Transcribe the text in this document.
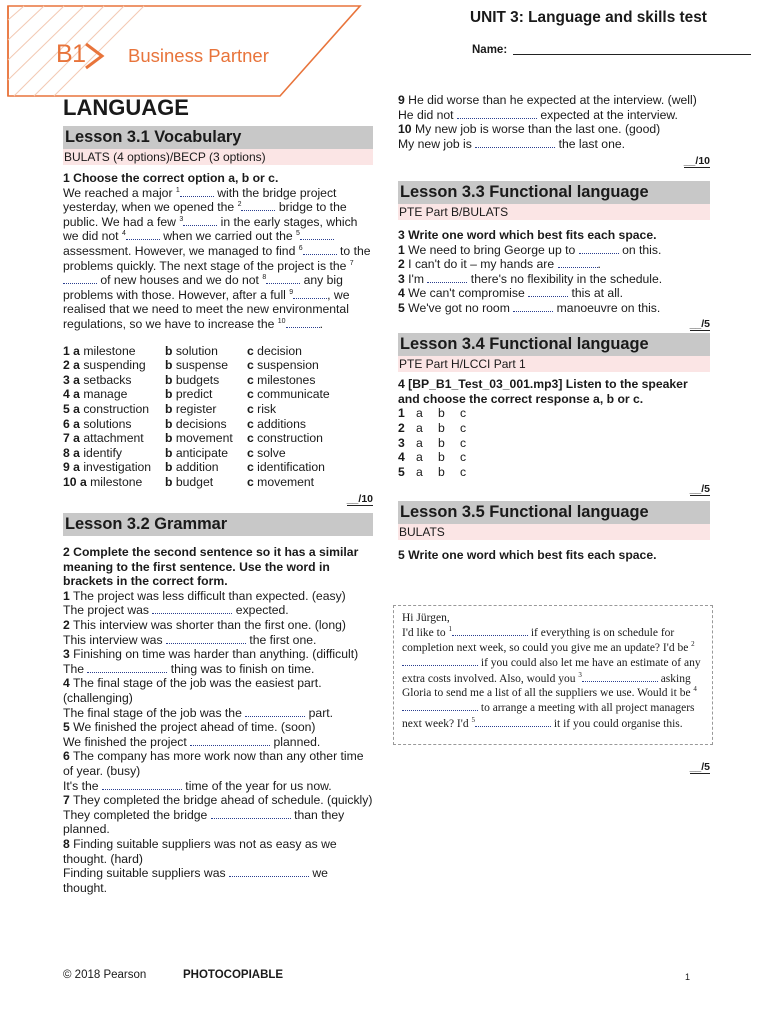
B1 Business Partner
UNIT 3: Language and skills test
Name:
LANGUAGE
Lesson 3.1 Vocabulary
BULATS (4 options)/BECP (3 options)
1 Choose the correct option a, b or c.
We reached a major $^1$	with the bridge project yesterday, when we opened the $^2$	bridge to the public. We had a few $^3$	in the early stages, which we did not $^4$	when we carried out the $^5$ assessment. However, we managed to find $^6$	to the problems quickly. The next stage of the project is the $^7$ of new houses and we do not $^8$	any big problems with those. However, after a full $^9$	, we realised that we need to meet the new environmental regulations, so we have to increase the $^{10}$	.
1 a milestone	b solution	c decision
2 a suspending	b suspense	c suspension
3 a setbacks	b budgets	c milestones
4 a manage	b predict	c communicate
5 a construction	b register	c risk
6 a solutions	b decisions	c additions
7 a attachment	b movement	c construction
8 a identify	b anticipate	c solve
9 a investigation	b addition	c identification
10 a milestone	b budget	c movement
__/10
Lesson 3.2 Grammar
2 Complete the second sentence so it has a similar meaning to the first sentence. Use the word in brackets in the correct form.
1 The project was less difficult than expected. (easy)
The project was	expected.
2 This interview was shorter than the first one. (long)
This interview was	the first one.
3 Finishing on time was harder than anything. (difficult)
The	thing was to finish on time.
4 The final stage of the job was the easiest part. (challenging)
The final stage of the job was the	part.
5 We finished the project ahead of time. (soon)
We finished the project	planned.
6 The company has more work now than any other time of year. (busy)
It's the	time of the year for us now.
7 They completed the bridge ahead of schedule. (quickly)
They completed the bridge	than they planned.
8 Finding suitable suppliers was not as easy as we thought. (hard)
Finding suitable suppliers was	we thought.
9 He did worse than he expected at the interview. (well)
He did not	expected at the interview.
10 My new job is worse than the last one. (good)
My new job is	the last one.
__/10
Lesson 3.3 Functional language
PTE Part B/BULATS
3 Write one word which best fits each space.
1 We need to bring George up to	on this.
2 I can't do it – my hands are	.
3 I'm	there's no flexibility in the schedule.
4 We can't compromise	this at all.
5 We've got no room	manoeuvre on this.
__/5
Lesson 3.4 Functional language
PTE Part H/LCCI Part 1
4 [BP_B1_Test_03_001.mp3] Listen to the speaker and choose the correct response a, b or c.
1 a	b	c
2 a	b	c
3 a	b	c
4 a	b	c
5 a	b	c
__/5
Lesson 3.5 Functional language
BULATS
5 Write one word which best fits each space.
Hi Jürgen,
I'd like to $^1$	if everything is on schedule for completion next week, so could you give me an update? I'd be $^2$ if you could also let me have an estimate of any extra costs involved. Also, would you $^3$	asking Gloria to send me a list of all the suppliers we use. Would it be $^4$ to arrange a meeting with all project managers next week? I'd $^5$	it if you could organise this.
__/5
© 2018 Pearson	PHOTOCOPIABLE	1
